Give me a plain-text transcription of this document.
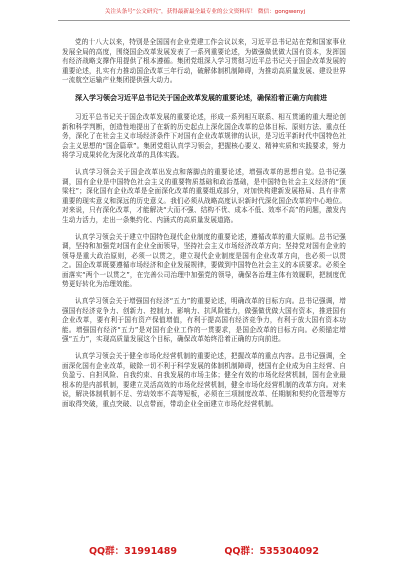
关注头条号“公文研究”，获得最新最全最专业的公文资料库！ 微信：gongwenyj

党的十八大以来，特别是全国国有企业党建工作会议以来，习近平总书记站在党和国家事业发展全局的高度，围绕国企改革发展发表了一系列重要论述，为做强做优做大国有资本，发挥国有经济战略支撑作用提供了根本遵循。集团党组深入学习贯彻习近平总书记关于国企改革发展的重要论述，扎实有力推动国企改革三年行动，破解体制机制障碍，为推动高质量发展、建设世界一流航空运输产业集团提供强大动力。

深入学习领会习近平总书记关于国企改革发展的重要论述，确保沿着正确方向前进

习近平总书记关于国企改革发展的重要论述，形成一系列相互联系、相互贯通的重大理论创新和科学判断，创造性地提出了在新的历史起点上深化国企改革的总体目标、原则方法、重点任务，深化了在社会主义市场经济条件下对国有企业改革规律的认识，是习近平新时代中国特色社会主义思想的“国企篇章”。集团党组认真学习领会，把握核心要义、精神实质和实践要求，努力将学习成果转化为深化改革的具体实践。

认真学习领会关于国企改革出发点和落脚点的重要论述，增强改革的思想自觉。总书记强调，国有企业是中国特色社会主义的重要物质基础和政治基础，是中国特色社会主义经济的“顶梁柱”；深化国有企业改革是全面深化改革的重要组成部分，对加快构建新发展格局、具有非常重要的现实意义和深远的历史意义。我们必须从战略高度认识新时代深化国企改革的中心地位。对来说，只有深化改革，才能解决“大而不强、结构不优、成本不低、效率不高”的问题，激发内生动力活力，走出一条集约化、内涵式的高质量发展道路。

认真学习领会关于建立中国特色现代企业制度的重要论述，遵循改革的重大原则。总书记强调，坚持和加强党对国有企业全面领导，坚持社会主义市场经济改革方向；坚持党对国有企业的领导是重大政治原则，必须一以贯之，建立现代企业制度是国有企业改革方向，也必须一以贯之。国企改革既要遵循市场经济和企业发展规律，要做到中国特色社会主义的本质要求。必须全面落实“两个一以贯之”，在完善公司治理中加强党的领导，确保各治理主体有效履职，把制度优势更好转化为治理效能。

认真学习领会关于增强国有经济“五力”的重要论述，明确改革的目标方向。总书记强调，增强国有经济竞争力、创新力、控制力、影响力、抗风险能力，做强做优做大国有资本，推进国有企业改革，要有利于国有资产保值增值，有利于提高国有经济竞争力，有利于放大国有资本功能。增强国有经济“五力”是对国有企业工作的一贯要求，是国企改革的目标方向。必须锚定增强“五力”，实现高质量发展这个目标，确保改革始终沿着正确的方向前进。

认真学习领会关于健全市场化经营机制的重要论述，把握改革的重点内容。总书记强调，全面深化国有企业改革，破除一切不利于科学发展的体制机制障碍，使国有企业成为自主经营、自负盈亏、自担风险、自我约束、自我发展的市场主体；健全有效的市场化经营机制，国有企业最根本的是内部机制，要建立灵活高效的市场化经营机制，健全市场化经营机制的改革方向。对来说，解决体制机制不足、劳动效率不高等短板，必须在三项制度改革、任期制和契约化管理等方面取得突破，重点突破、以点带面，带动企业全面建立市场化经营机制。

QQ群：31991489	QQ群：535304092
